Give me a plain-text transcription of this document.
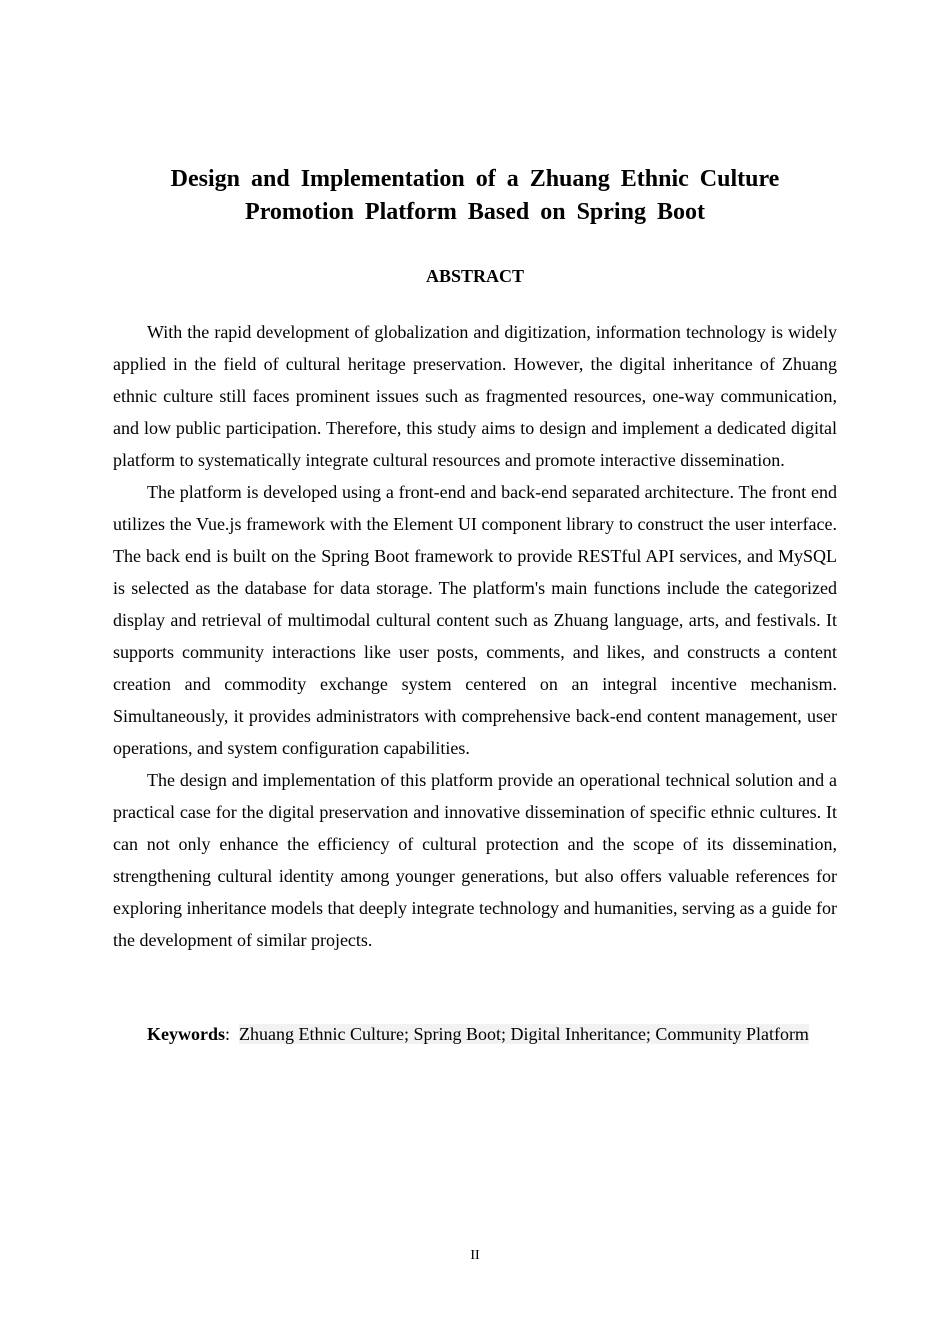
Design and Implementation of a Zhuang Ethnic Culture
Promotion Platform Based on Spring Boot
ABSTRACT

With the rapid development of globalization and digitization, information technology is widely applied in the field of cultural heritage preservation. However, the digital inheritance of Zhuang ethnic culture still faces prominent issues such as fragmented resources, one-way communication, and low public participation. Therefore, this study aims to design and implement a dedicated digital platform to systematically integrate cultural resources and promote interactive dissemination.

The platform is developed using a front-end and back-end separated architecture. The front end utilizes the Vue.js framework with the Element UI component library to construct the user interface. The back end is built on the Spring Boot framework to provide RESTful API services, and MySQL is selected as the database for data storage. The platform's main functions include the categorized display and retrieval of multimodal cultural content such as Zhuang language, arts, and festivals. It supports community interactions like user posts, comments, and likes, and constructs a content creation and commodity exchange system centered on an integral incentive mechanism. Simultaneously, it provides administrators with comprehensive back-end content management, user operations, and system configuration capabilities.

The design and implementation of this platform provide an operational technical solution and a practical case for the digital preservation and innovative dissemination of specific ethnic cultures. It can not only enhance the efficiency of cultural protection and the scope of its dissemination, strengthening cultural identity among younger generations, but also offers valuable references for exploring inheritance models that deeply integrate technology and humanities, serving as a guide for the development of similar projects.

Keywords: Zhuang Ethnic Culture; Spring Boot; Digital Inheritance; Community Platform

II
